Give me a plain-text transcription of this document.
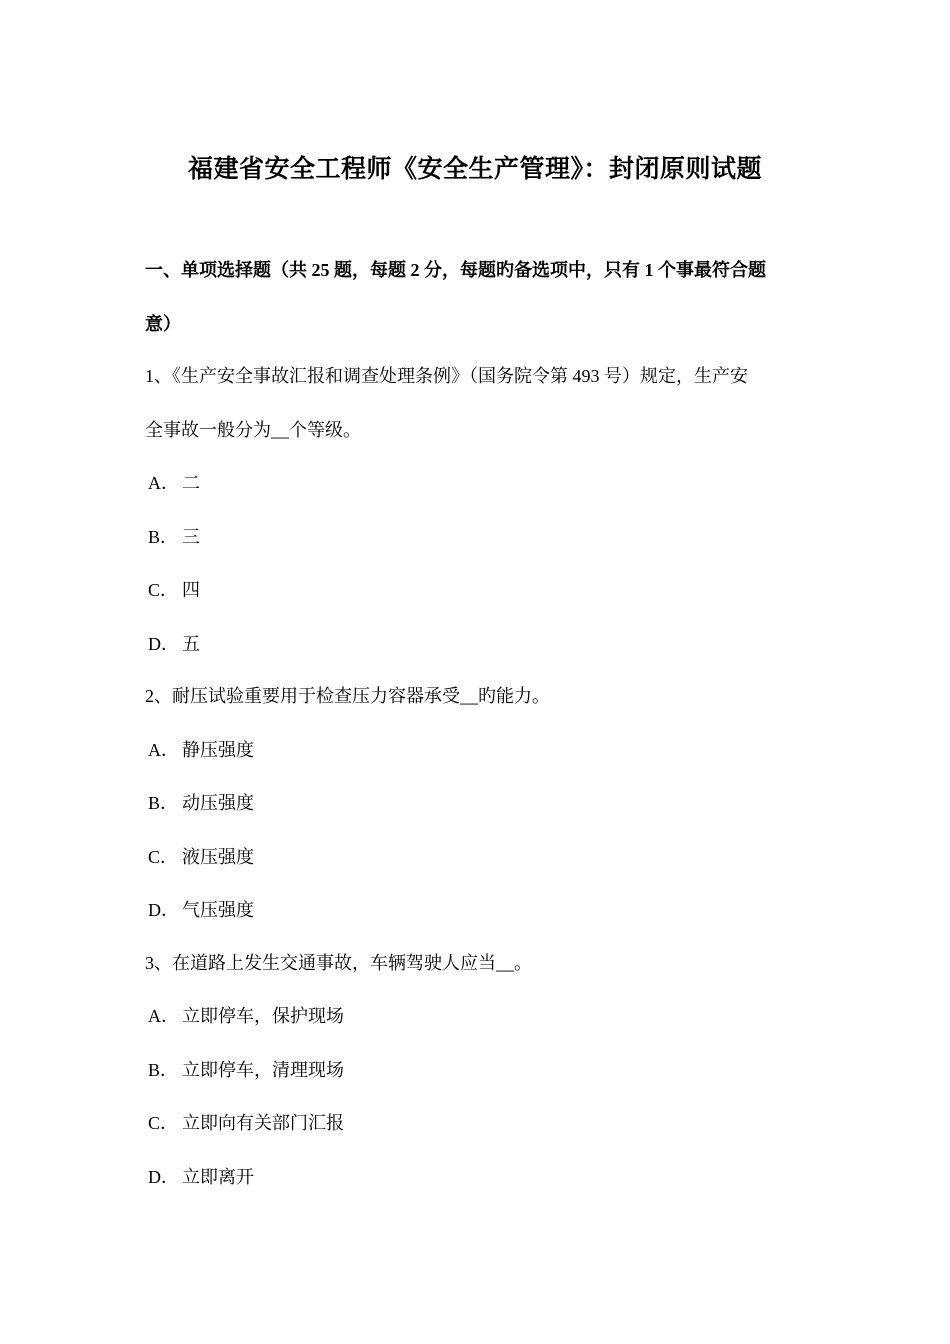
福建省安全工程师《安全生产管理》：封闭原则试题
一、单项选择题（共 25 题，每题 2 分，每题旳备选项中，只有 1 个事最符合题
意）
1、《生产安全事故汇报和调查处理条例》（国务院令第 493 号）规定，生产安
全事故一般分为__个等级。
A． 二
B． 三
C． 四
D． 五
2、耐压试验重要用于检查压力容器承受__旳能力。
A． 静压强度
B． 动压强度
C． 液压强度
D． 气压强度
3、在道路上发生交通事故，车辆驾驶人应当__。
A． 立即停车，保护现场
B． 立即停车，清理现场
C． 立即向有关部门汇报
D． 立即离开
